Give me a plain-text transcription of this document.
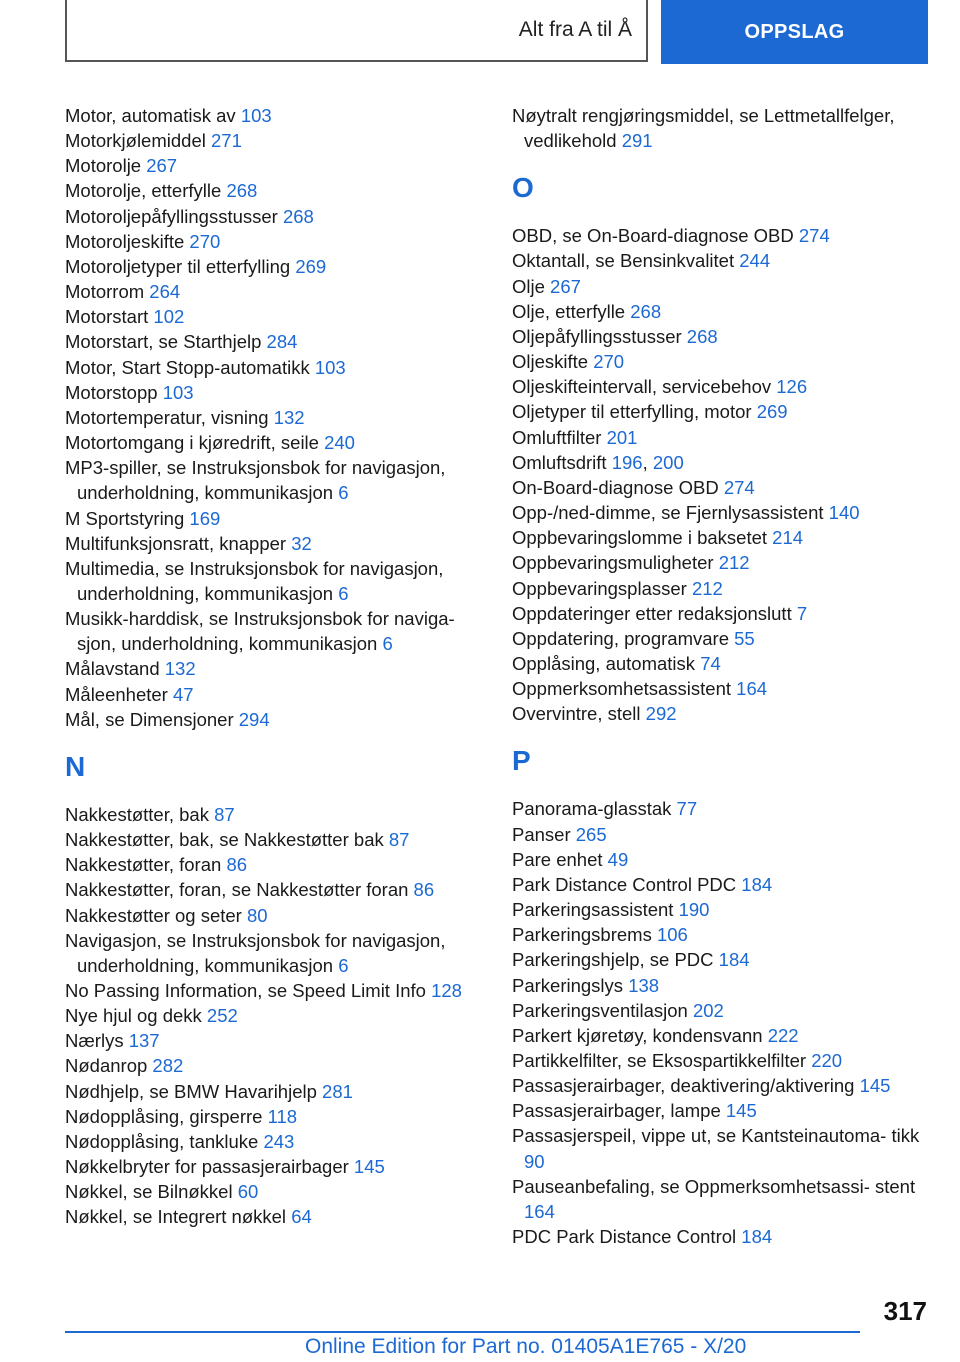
Alt fra A til Å	OPPSLAG
Motor, automatisk av 103
Motorkjølemiddel 271
Motorolje 267
Motorolje, etterfylle 268
Motoroljepåfyllingsstusser 268
Motoroljeskifte 270
Motoroljetyper til etterfylling 269
Motorrom 264
Motorstart 102
Motorstart, se Starthjelp 284
Motor, Start Stopp-automatikk 103
Motorstopp 103
Motortemperatur, visning 132
Motortomgang i kjøredrift, seile 240
MP3-spiller, se Instruksjonsbok for navigasjon, underholdning, kommunikasjon 6
M Sportstyring 169
Multifunksjonsratt, knapper 32
Multimedia, se Instruksjonsbok for navigasjon, underholdning, kommunikasjon 6
Musikk-harddisk, se Instruksjonsbok for naviga‐ sjon, underholdning, kommunikasjon 6
Målavstand 132
Måleenheter 47
Mål, se Dimensjoner 294
N
Nakkestøtter, bak 87
Nakkestøtter, bak, se Nakkestøtter bak 87
Nakkestøtter, foran 86
Nakkestøtter, foran, se Nakkestøtter foran 86
Nakkestøtter og seter 80
Navigasjon, se Instruksjonsbok for navigasjon, underholdning, kommunikasjon 6
No Passing Information, se Speed Limit Info 128
Nye hjul og dekk 252
Nærlys 137
Nødanrop 282
Nødhjelp, se BMW Havarihjelp 281
Nødopplåsing, girsperre 118
Nødopplåsing, tankluke 243
Nøkkelbryter for passasjerairbager 145
Nøkkel, se Bilnøkkel 60
Nøkkel, se Integrert nøkkel 64
Nøytralt rengjøringsmiddel, se Lettmetallfelger, vedlikehold 291
O
OBD, se On-Board-diagnose OBD 274
Oktantall, se Bensinkvalitet 244
Olje 267
Olje, etterfylle 268
Oljepåfyllingsstusser 268
Oljeskifte 270
Oljeskifteintervall, servicebehov 126
Oljetyper til etterfylling, motor 269
Omluftfilter 201
Omluftsdrift 196, 200
On-Board-diagnose OBD 274
Opp-/ned-dimme, se Fjernlysassistent 140
Oppbevaringslomme i baksetet 214
Oppbevaringsmuligheter 212
Oppbevaringsplasser 212
Oppdateringer etter redaksjonslutt 7
Oppdatering, programvare 55
Opplåsing, automatisk 74
Oppmerksomhetsassistent 164
Overvintre, stell 292
P
Panorama-glasstak 77
Panser 265
Pare enhet 49
Park Distance Control PDC 184
Parkeringsassistent 190
Parkeringsbrems 106
Parkeringshjelp, se PDC 184
Parkeringslys 138
Parkeringsventilasjon 202
Parkert kjøretøy, kondensvann 222
Partikkelfilter, se Eksospartikkelfilter 220
Passasjerairbager, deaktivering/aktivering 145
Passasjerairbager, lampe 145
Passasjerspeil, vippe ut, se Kantsteinautoma‐ tikk 90
Pauseanbefaling, se Oppmerksomhetsassi‐ stent 164
PDC Park Distance Control 184
317
Online Edition for Part no. 01405A1E765 - X/20
